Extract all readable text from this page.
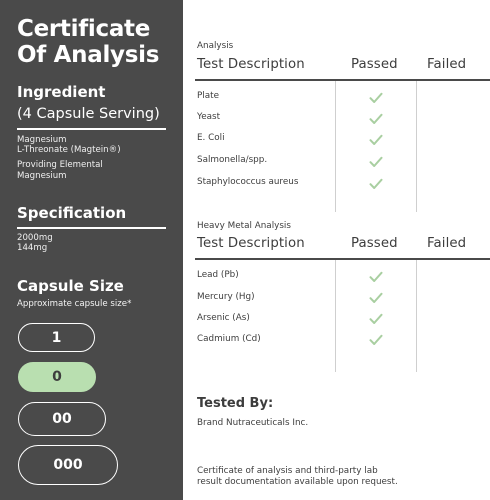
Certificate
Of Analysis
Ingredient
(4 Capsule Serving)
Magnesium
L-Threonate (Magtein®)
Providing Elemental
Magnesium
Specification
2000mg
144mg
Capsule Size
Approximate capsule size*
1
0
00
000
Analysis
Test Description	Passed Failed
Plate
Yeast
E. Coli
Salmonella/spp.
Staphylococcus aureus
Heavy Metal Analysis
Test Description	Passed Failed
Lead (Pb)
Mercury (Hg)
Arsenic (As)
Cadmium (Cd)
Tested By:
Brand Nutraceuticals Inc.
Certificate of analysis and third-party lab
result documentation available upon request.
